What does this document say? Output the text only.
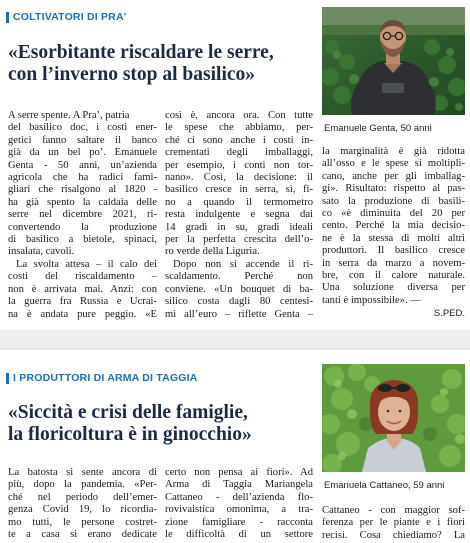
COLTIVATORI DI PRA'
«Esorbitante riscaldare le serre,
con l’inverno stop al basilico»
Emanuele Genta, 50 anni
A serre spente. A Pra’, patria
del basilico doc, i costi ener-
getici fanno saltare il banco
già da un bel po’. Emanuele
Genta - 50 anni, un’azienda
agricola che ha radici fami-
gliari che risalgono al 1820 -
ha già spento la caldaia delle
serre nel dicembre 2021, ri-
convertendo la produzione
di basilico a bietole, spinaci,
insalata, cavoli.
La svolta attesa – il calo dei
costi del riscaldamento –
non è arrivata mai. Anzi: con
la guerra fra Russia e Ucrai-
na è andata pure peggio. «E
così è, ancora ora. Con tutte
le spese che abbiamo, per-
ché ci sono anche i costi in-
crementati degli imballaggi,
per esempio, i conti non tor-
nano». Così, la decisione: il
basilico cresce in serra, sì, fi-
no a quando il termometro
resta indulgente e segna dai
14 gradi in su, gradi ideali
per la perfetta crescita dell’o-
ro verde della Liguria.
Dopo non si accende il ri-
scaldamento. Perché non
conviene. «Un bouquet di ba-
silico costa dagli 80 centesi-
mi all’euro – riflette Genta –
la marginalità è già ridotta
all’osso e le spese si moltipli-
cano, anche per gli imballag-
gi». Risultato: rispetto al pas-
sato la produzione di basili-
co «è diminuita del 20 per
cento. Perché la mia decisio-
ne è la stessa di molti altri
produttori. Il basilico cresce
in serra da marzo a novem-
bre, con il calore naturale.
Una soluzione diversa per
tanti è impossibile». —
S.PED.
I PRODUTTORI DI ARMA DI TAGGIA
«Siccità e crisi delle famiglie,
la floricoltura è in ginocchio»
Emanuela Cattaneo, 59 anni
La batosta si sente ancora di
più, dopo la pandemia. «Per-
ché nel periodo dell’emer-
genza Covid 19, lo ricordia-
mo tutti, le persone costret-
te a casa si erano dedicate
certo non pensa ai fiori». Ad
Arma di Taggia Mariangela
Cattaneo - dell’azienda flo-
rovivaistica omonima, a tra-
zione famigliare - racconta
le difficoltà di un settore
Cattaneo - con maggior sof-
ferenza per le piante e i fiori
recisi. Cosa chiediamo? La
